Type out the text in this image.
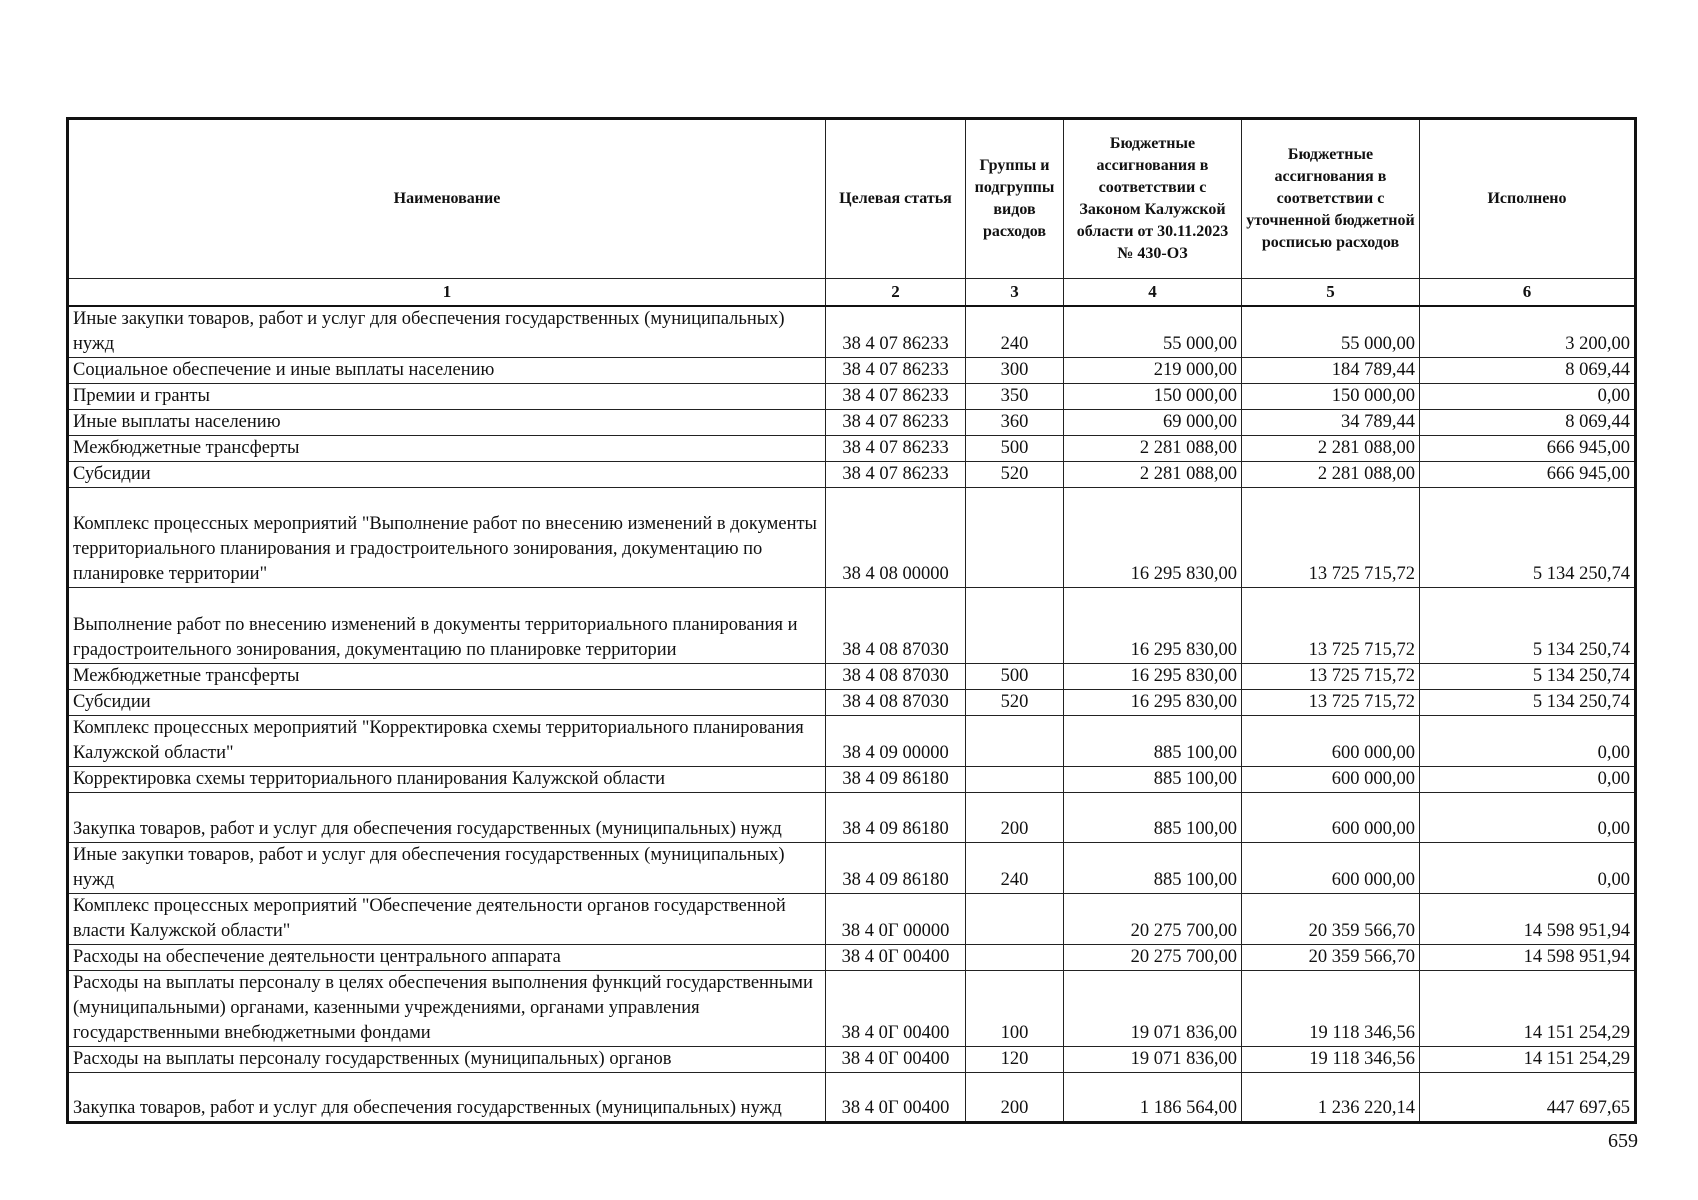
Наименование	Целевая статья	Группы и подгруппы видов расходов	Бюджетные ассигнования в соответствии с Законом Калужской области от 30.11.2023 № 430-ОЗ	Бюджетные ассигнования в соответствии с уточненной бюджетной росписью расходов	Исполнено
1	2	3	4	5	6
Иные закупки товаров, работ и услуг для обеспечения государственных (муниципальных) нужд	38 4 07 86233	240	55 000,00	55 000,00	3 200,00
Социальное обеспечение и иные выплаты населению	38 4 07 86233	300	219 000,00	184 789,44	8 069,44
Премии и гранты	38 4 07 86233	350	150 000,00	150 000,00	0,00
Иные выплаты населению	38 4 07 86233	360	69 000,00	34 789,44	8 069,44
Межбюджетные трансферты	38 4 07 86233	500	2 281 088,00	2 281 088,00	666 945,00
Субсидии	38 4 07 86233	520	2 281 088,00	2 281 088,00	666 945,00
Комплекс процессных мероприятий "Выполнение работ по внесению изменений в документы территориального планирования и градостроительного зонирования, документацию по планировке территории"	38 4 08 00000		16 295 830,00	13 725 715,72	5 134 250,74
Выполнение работ по внесению изменений в документы территориального планирования и градостроительного зонирования, документацию по планировке территории	38 4 08 87030		16 295 830,00	13 725 715,72	5 134 250,74
Межбюджетные трансферты	38 4 08 87030	500	16 295 830,00	13 725 715,72	5 134 250,74
Субсидии	38 4 08 87030	520	16 295 830,00	13 725 715,72	5 134 250,74
Комплекс процессных мероприятий "Корректировка схемы территориального планирования Калужской области"	38 4 09 00000		885 100,00	600 000,00	0,00
Корректировка схемы территориального планирования Калужской области	38 4 09 86180		885 100,00	600 000,00	0,00
Закупка товаров, работ и услуг для обеспечения государственных (муниципальных) нужд	38 4 09 86180	200	885 100,00	600 000,00	0,00
Иные закупки товаров, работ и услуг для обеспечения государственных (муниципальных) нужд	38 4 09 86180	240	885 100,00	600 000,00	0,00
Комплекс процессных мероприятий "Обеспечение деятельности органов государственной власти Калужской области"	38 4 0Г 00000		20 275 700,00	20 359 566,70	14 598 951,94
Расходы на обеспечение деятельности центрального аппарата	38 4 0Г 00400		20 275 700,00	20 359 566,70	14 598 951,94
Расходы на выплаты персоналу в целях обеспечения выполнения функций государственными (муниципальными) органами, казенными учреждениями, органами управления государственными внебюджетными фондами	38 4 0Г 00400	100	19 071 836,00	19 118 346,56	14 151 254,29
Расходы на выплаты персоналу государственных (муниципальных) органов	38 4 0Г 00400	120	19 071 836,00	19 118 346,56	14 151 254,29
Закупка товаров, работ и услуг для обеспечения государственных (муниципальных) нужд	38 4 0Г 00400	200	1 186 564,00	1 236 220,14	447 697,65
659
